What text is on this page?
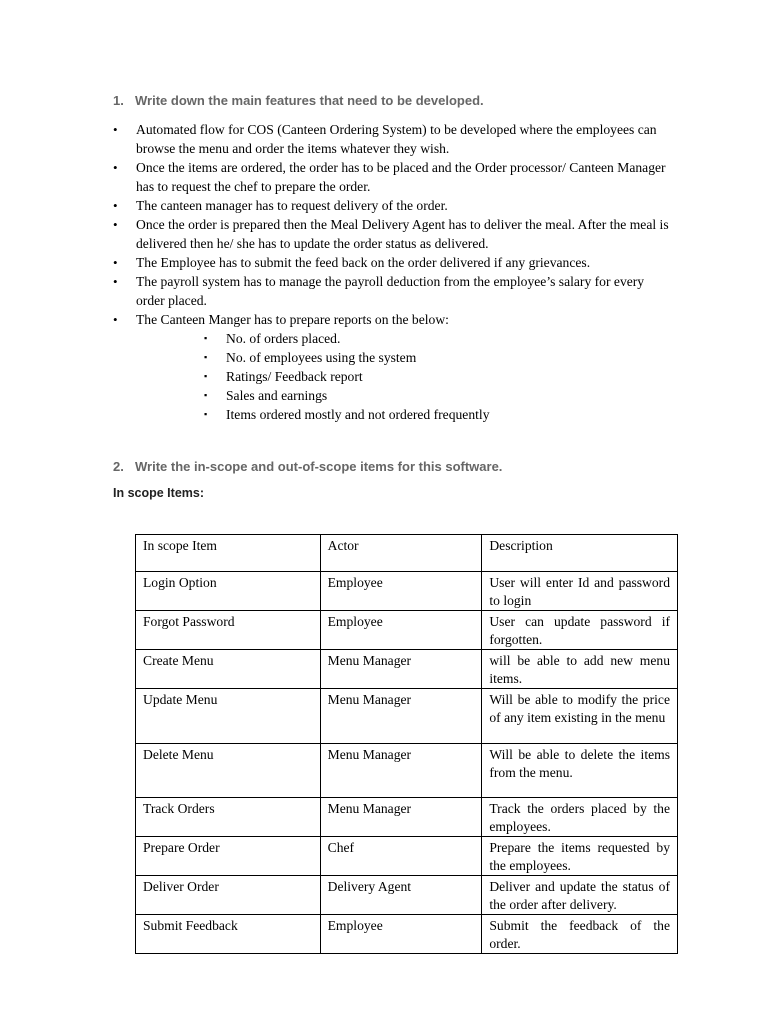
1. Write down the main features that need to be developed.
• Automated flow for COS (Canteen Ordering System) to be developed where the employees can browse the menu and order the items whatever they wish.
• Once the items are ordered, the order has to be placed and the Order processor/ Canteen Manager has to request the chef to prepare the order.
• The canteen manager has to request delivery of the order.
• Once the order is prepared then the Meal Delivery Agent has to deliver the meal. After the meal is delivered then he/ she has to update the order status as delivered.
• The Employee has to submit the feed back on the order delivered if any grievances.
• The payroll system has to manage the payroll deduction from the employee’s salary for every order placed.
• The Canteen Manger has to prepare reports on the below:
▪ No. of orders placed.
▪ No. of employees using the system
▪ Ratings/ Feedback report
▪ Sales and earnings
▪ Items ordered mostly and not ordered frequently
2. Write the in-scope and out-of-scope items for this software.

In scope Items:

In scope Item	Actor	Description
Login Option	Employee	User will enter Id and password to login
Forgot Password	Employee	User can update password if forgotten.
Create Menu	Menu Manager	will be able to add new menu items.
Update Menu	Menu Manager	Will be able to modify the price of any item existing in the menu
Delete Menu	Menu Manager	Will be able to delete the items from the menu.
Track Orders	Menu Manager	Track the orders placed by the employees.
Prepare Order	Chef	Prepare the items requested by the employees.
Deliver Order	Delivery Agent	Deliver and update the status of the order after delivery.
Submit Feedback	Employee	Submit the feedback of the order.
